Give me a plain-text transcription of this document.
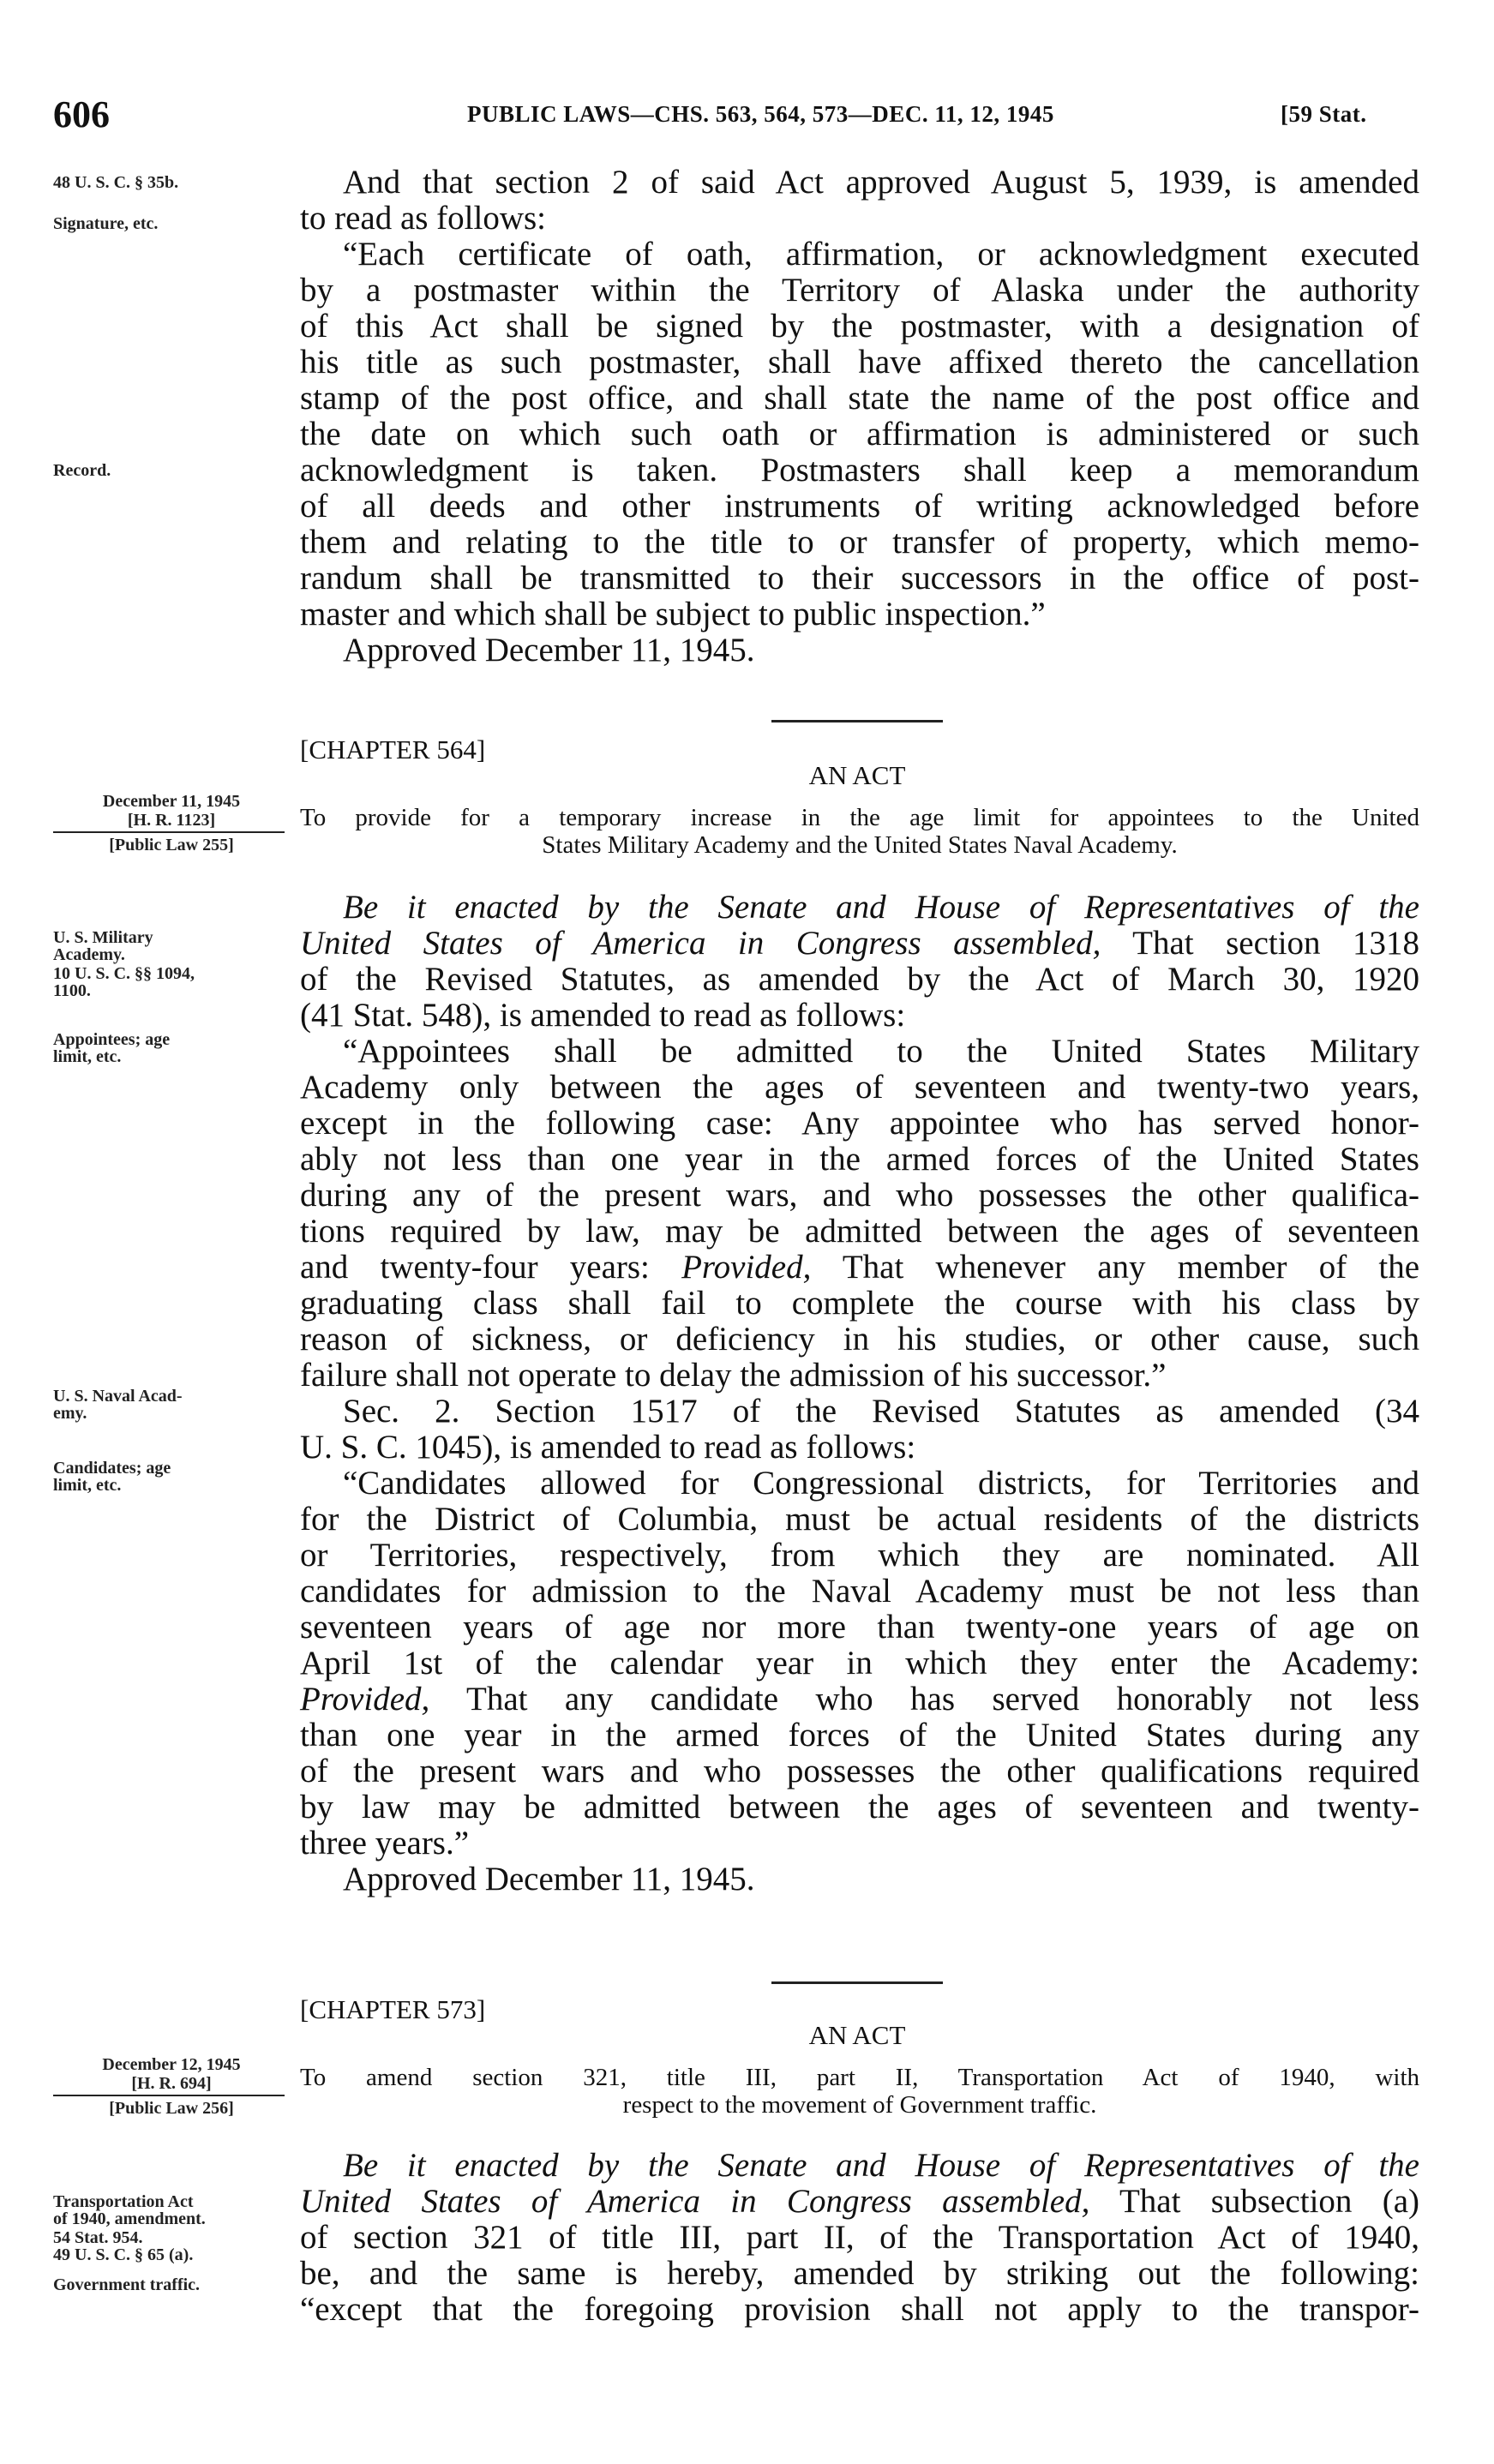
606	PUBLIC LAWS—CHS. 563, 564, 573—DEC. 11, 12, 1945	[59 Stat.
48 U. S. C. § 35b.
Signature, etc.
Record.
And that section 2 of said Act approved August 5, 1939, is amended
to read as follows:
“Each certificate of oath, affirmation, or acknowledgment executed
by a postmaster within the Territory of Alaska under the authority
of this Act shall be signed by the postmaster, with a designation of
his title as such postmaster, shall have affixed thereto the cancellation
stamp of the post office, and shall state the name of the post office and
the date on which such oath or affirmation is administered or such
acknowledgment is taken. Postmasters shall keep a memorandum
of all deeds and other instruments of writing acknowledged before
them and relating to the title to or transfer of property, which memo-
randum shall be transmitted to their successors in the office of post-
master and which shall be subject to public inspection.”
Approved December 11, 1945.
[CHAPTER 564]
AN ACT
December 11, 1945
[H. R. 1123]
[Public Law 255]
To provide for a temporary increase in the age limit for appointees to the United
States Military Academy and the United States Naval Academy.
U. S. Military
Academy.
10 U. S. C. §§ 1094,
1100.
Appointees; age
limit, etc.
U. S. Naval Acad-
emy.
Candidates; age
limit, etc.
Be it enacted by the Senate and House of Representatives of the
United States of America in Congress assembled, That section 1318
of the Revised Statutes, as amended by the Act of March 30, 1920
(41 Stat. 548), is amended to read as follows:
“Appointees shall be admitted to the United States Military
Academy only between the ages of seventeen and twenty-two years,
except in the following case: Any appointee who has served honor-
ably not less than one year in the armed forces of the United States
during any of the present wars, and who possesses the other qualifica-
tions required by law, may be admitted between the ages of seventeen
and twenty-four years: Provided, That whenever any member of the
graduating class shall fail to complete the course with his class by
reason of sickness, or deficiency in his studies, or other cause, such
failure shall not operate to delay the admission of his successor.”
Sec. 2. Section 1517 of the Revised Statutes as amended (34
U. S. C. 1045), is amended to read as follows:
“Candidates allowed for Congressional districts, for Territories and
for the District of Columbia, must be actual residents of the districts
or Territories, respectively, from which they are nominated. All
candidates for admission to the Naval Academy must be not less than
seventeen years of age nor more than twenty-one years of age on
April 1st of the calendar year in which they enter the Academy:
Provided, That any candidate who has served honorably not less
than one year in the armed forces of the United States during any
of the present wars and who possesses the other qualifications required
by law may be admitted between the ages of seventeen and twenty-
three years.”
Approved December 11, 1945.
[CHAPTER 573]
AN ACT
December 12, 1945
[H. R. 694]
[Public Law 256]
To amend section 321, title III, part II, Transportation Act of 1940, with
respect to the movement of Government traffic.
Transportation Act
of 1940, amendment.
54 Stat. 954.
49 U. S. C. § 65 (a).
Government traffic.
Be it enacted by the Senate and House of Representatives of the
United States of America in Congress assembled, That subsection (a)
of section 321 of title III, part II, of the Transportation Act of 1940,
be, and the same is hereby, amended by striking out the following:
“except that the foregoing provision shall not apply to the transpor-
